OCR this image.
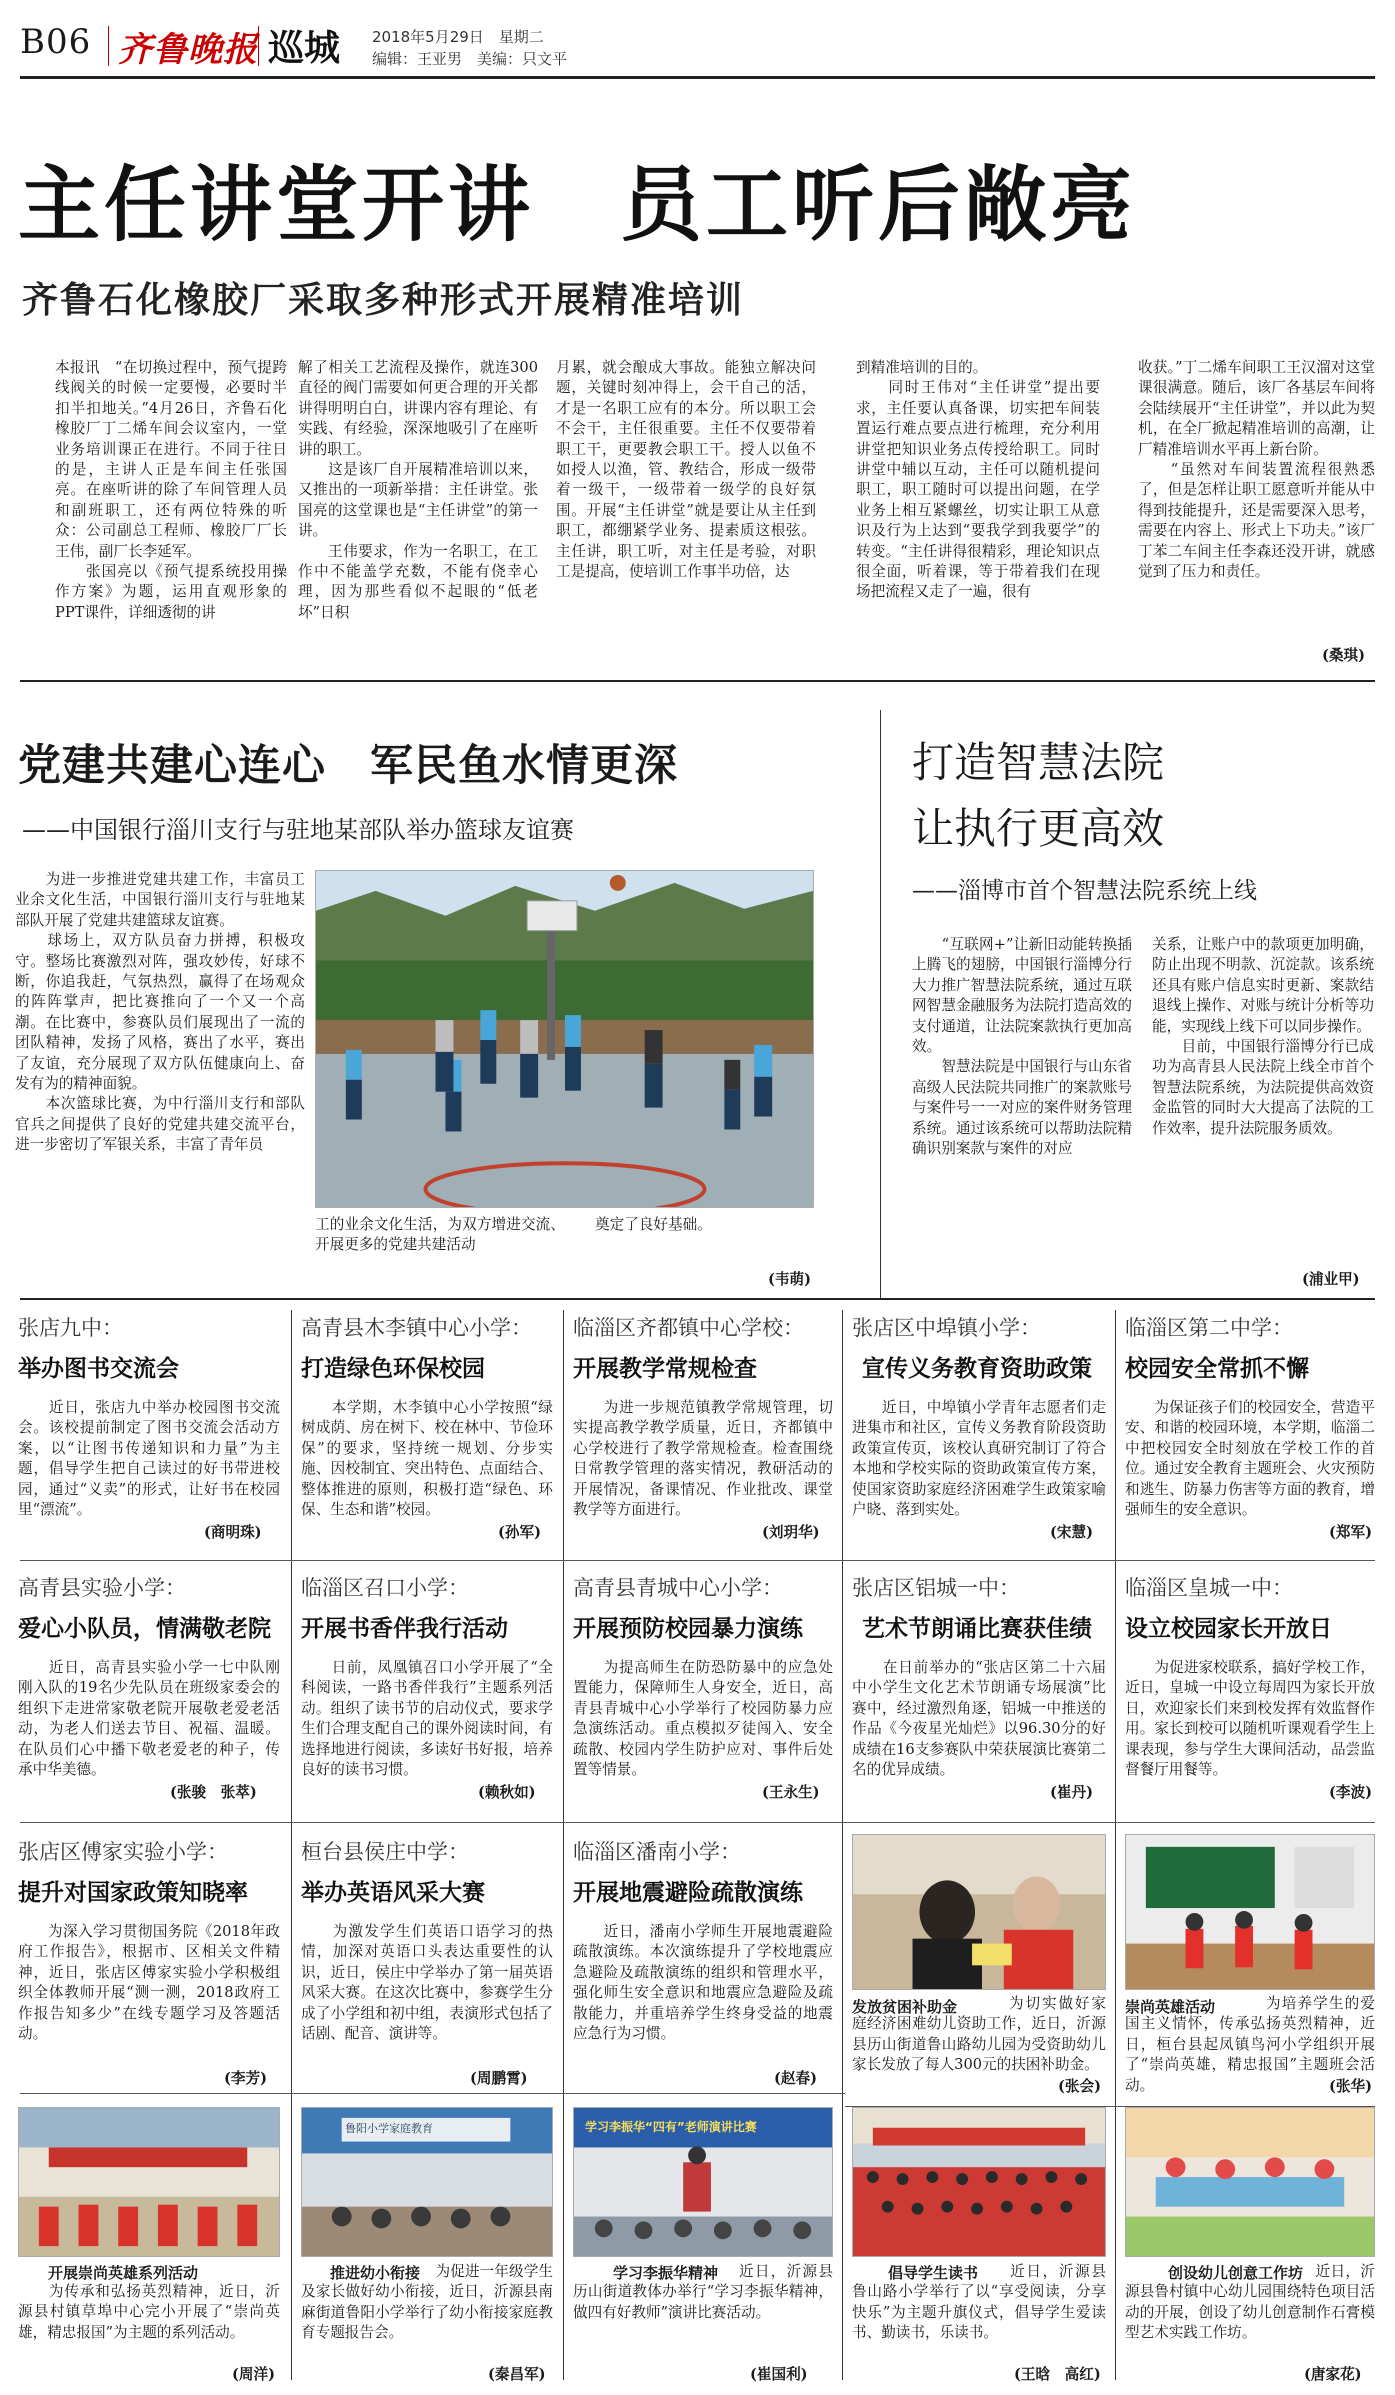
B06 齐鲁晚报 巡城 2018年5月29日　星期二
编辑：王亚男　美编：只文平
主任讲堂开讲　员工听后敞亮
齐鲁石化橡胶厂采取多种形式开展精准培训

本报讯　“在切换过程中，预气提跨线阀关的时候一定要慢，必要时半扣半扣地关。”4月26日，齐鲁石化橡胶厂丁二烯车间会议室内，一堂业务培训课正在进行。不同于往日的是，主讲人正是车间主任张国亮。在座听讲的除了车间管理人员和副班职工，还有两位特殊的听众：公司副总工程师、橡胶厂厂长王伟，副厂长李延军。
　　张国亮以《预气提系统投用操作方案》为题，运用直观形象的PPT课件，详细透彻的讲

解了相关工艺流程及操作，就连300直径的阀门需要如何更合理的开关都讲得明明白白，讲课内容有理论、有实践、有经验，深深地吸引了在座听讲的职工。
　　这是该厂自开展精准培训以来，又推出的一项新举措：主任讲堂。张国亮的这堂课也是“主任讲堂”的第一讲。
　　王伟要求，作为一名职工，在工作中不能盖学充数，不能有侥幸心理，因为那些看似不起眼的“低老坏”日积

月累，就会酿成大事故。能独立解决问题，关键时刻冲得上，会干自己的活，才是一名职工应有的本分。所以职工会不会干，主任很重要。主任不仅要带着职工干，更要教会职工干。授人以鱼不如授人以渔，管、教结合，形成一级带着一级干，一级带着一级学的良好氛围。开展“主任讲堂”就是要让从主任到职工，都绷紧学业务、提素质这根弦。主任讲，职工听，对主任是考验，对职工是提高，使培训工作事半功倍，达

到精准培训的目的。
　　同时王伟对“主任讲堂”提出要求，主任要认真备课，切实把车间装置运行难点要点进行梳理，充分利用讲堂把知识业务点传授给职工。同时讲堂中辅以互动，主任可以随机提问职工，职工随时可以提出问题，在学业务上相互紧螺丝，切实让职工从意识及行为上达到“要我学到我要学”的转变。“主任讲得很精彩，理论知识点很全面，听着课，等于带着我们在现场把流程又走了一遍，很有

收获。”丁二烯车间职工王汉溜对这堂课很满意。随后，该厂各基层车间将会陆续展开“主任讲堂”，并以此为契机，在全厂掀起精准培训的高潮，让厂精准培训水平再上新台阶。
　　“虽然对车间装置流程很熟悉了，但是怎样让职工愿意听并能从中得到技能提升，还是需要深入思考，需要在内容上、形式上下功夫。”该厂丁苯二车间主任李森还没开讲，就感觉到了压力和责任。

(桑琪)
党建共建心连心　军民鱼水情更深
——中国银行淄川支行与驻地某部队举办篮球友谊赛

　　为进一步推进党建共建工作，丰富员工业余文化生活，中国银行淄川支行与驻地某部队开展了党建共建篮球友谊赛。
　　球场上，双方队员奋力拼搏，积极攻守。整场比赛激烈对阵，强攻妙传，好球不断，你追我赶，气氛热烈，赢得了在场观众的阵阵掌声，把比赛推向了一个又一个高潮。在比赛中，参赛队员们展现出了一流的团队精神，发扬了风格，赛出了水平，赛出了友谊，充分展现了双方队伍健康向上、奋发有为的精神面貌。
　　本次篮球比赛，为中行淄川支行和部队官兵之间提供了良好的党建共建交流平台，进一步密切了军银关系，丰富了青年员

工的业余文化生活，为双方增进交流、开展更多的党建共建活动

奠定了良好基础。

(韦萌)
打造智慧法院
让执行更高效
——淄博市首个智慧法院系统上线

　　“互联网+”让新旧动能转换插上腾飞的翅膀，中国银行淄博分行大力推广智慧法院系统，通过互联网智慧金融服务为法院打造高效的支付通道，让法院案款执行更加高效。
　　智慧法院是中国银行与山东省高级人民法院共同推广的案款账号与案件号一一对应的案件财务管理系统。通过该系统可以帮助法院精确识别案款与案件的对应

关系，让账户中的款项更加明确，防止出现不明款、沉淀款。该系统还具有账户信息实时更新、案款结退线上操作、对账与统计分析等功能，实现线上线下可以同步操作。
　　目前，中国银行淄博分行已成功为高青县人民法院上线全市首个智慧法院系统，为法院提供高效资金监管的同时大大提高了法院的工作效率，提升法院服务质效。

(浦业甲)
张店九中：
举办图书交流会

　　近日，张店九中举办校园图书交流会。该校提前制定了图书交流会活动方案，以“让图书传递知识和力量”为主题，倡导学生把自己读过的好书带进校园，通过“义卖”的形式，让好书在校园里“漂流”。

(商明珠)
高青县木李镇中心小学：
打造绿色环保校园

　　本学期，木李镇中心小学按照“绿树成荫、房在树下、校在林中、节俭环保”的要求，坚持统一规划、分步实施、因校制宜、突出特色、点面结合、整体推进的原则，积极打造“绿色、环保、生态和谐”校园。

(孙军)
临淄区齐都镇中心学校：
开展教学常规检查

　　为进一步规范镇教学常规管理，切实提高教学教学质量，近日，齐都镇中心学校进行了教学常规检查。检查围绕日常教学管理的落实情况，教研活动的开展情况，备课情况、作业批改、课堂教学等方面进行。

(刘玥华)
张店区中埠镇小学：
宣传义务教育资助政策

　　近日，中埠镇小学青年志愿者们走进集市和社区，宣传义务教育阶段资助政策宣传页，该校认真研究制订了符合本地和学校实际的资助政策宣传方案，使国家资助家庭经济困难学生政策家喻户晓、落到实处。

(宋慧)
临淄区第二中学：
校园安全常抓不懈

　　为保证孩子们的校园安全，营造平安、和谐的校园环境，本学期，临淄二中把校园安全时刻放在学校工作的首位。通过安全教育主题班会、火灾预防和逃生、防暴力伤害等方面的教育，增强师生的安全意识。

(郑军)
高青县实验小学：
爱心小队员，情满敬老院

　　近日，高青县实验小学一七中队刚刚入队的19名少先队员在班级家委会的组织下走进常家敬老院开展敬老爱老活动，为老人们送去节目、祝福、温暖。在队员们心中播下敬老爱老的种子，传承中华美德。

(张骏　张萃)
临淄区召口小学：
开展书香伴我行活动

　　日前，凤凰镇召口小学开展了“全科阅读，一路书香伴我行”主题系列活动。组织了读书节的启动仪式，要求学生们合理支配自己的课外阅读时间，有选择地进行阅读，多读好书好报，培养良好的读书习惯。

(赖秋如)
高青县青城中心小学：
开展预防校园暴力演练

　　为提高师生在防恐防暴中的应急处置能力，保障师生人身安全，近日，高青县青城中心小学举行了校园防暴力应急演练活动。重点模拟歹徒闯入、安全疏散、校园内学生防护应对、事件后处置等情景。

(王永生)
张店区铝城一中：
艺术节朗诵比赛获佳绩

　　在日前举办的“张店区第二十六届中小学生文化艺术节朗诵专场展演”比赛中，经过激烈角逐，铝城一中推送的作品《今夜星光灿烂》以96.30分的好成绩在16支参赛队中荣获展演比赛第二名的优异成绩。

(崔丹)
临淄区皇城一中：
设立校园家长开放日

　　为促进家校联系，搞好学校工作，近日，皇城一中设立每周四为家长开放日，欢迎家长们来到校发挥有效监督作用。家长到校可以随机听课观看学生上课表现，参与学生大课间活动，品尝监督餐厅用餐等。

(李波)
张店区傅家实验小学：
提升对国家政策知晓率

　　为深入学习贯彻国务院《2018年政府工作报告》，根据市、区相关文件精神，近日，张店区傅家实验小学积极组织全体教师开展“测一测，2018政府工作报告知多少”在线专题学习及答题活动。

(李芳)
桓台县侯庄中学：
举办英语风采大赛

　　为激发学生们英语口语学习的热情，加深对英语口头表达重要性的认识，近日，侯庄中学举办了第一届英语风采大赛。在这次比赛中，参赛学生分成了小学组和初中组，表演形式包括了话剧、配音、演讲等。

(周鹏霄)
临淄区潘南小学：
开展地震避险疏散演练

　　近日，潘南小学师生开展地震避险疏散演练。本次演练提升了学校地震应急避险及疏散演练的组织和管理水平，强化师生安全意识和地震应急避险及疏散能力，并重培养学生终身受益的地震应急行为习惯。

(赵春)
发放贫困补助金	　　为切实做好家庭经济困难幼儿资助工作，近日，沂源县历山街道鲁山路幼儿园为受资助幼儿家长发放了每人300元的扶困补助金。

(张会)
崇尚英雄活动	　　为培养学生的爱国主义情怀，传承弘扬英烈精神，近日，桓台县起凤镇鸟河小学组织开展了“崇尚英雄，精忠报国”主题班会活动。	(张华)
开展崇尚英雄系列活动

　　为传承和弘扬英烈精神，近日，沂源县村镇草埠中心完小开展了“崇尚英雄，精忠报国”为主题的系列活动。

(周洋)
鲁阳小学家庭教育
推进幼小衔接

　　为促进一年级学生及家长做好幼小衔接，近日，沂源县南麻街道鲁阳小学举行了幼小衔接家庭教育专题报告会。

(秦昌军)
学习李振华“四有”老师演讲比赛
学习李振华精神

　　近日，沂源县历山街道教体办举行“学习李振华精神，做四有好教师”演讲比赛活动。

(崔国利)
倡导学生读书 　　近日，沂源县鲁山路小学举行了以“享受阅读，分享快乐”为主题升旗仪式，倡导学生爱读书、勤读书，乐读书。

(王晗　高红)
创设幼儿创意工作坊

　　近日，沂源县鲁村镇中心幼儿园围绕特色项目活动的开展，创设了幼儿创意制作石膏模型艺术实践工作坊。

(唐家花)
